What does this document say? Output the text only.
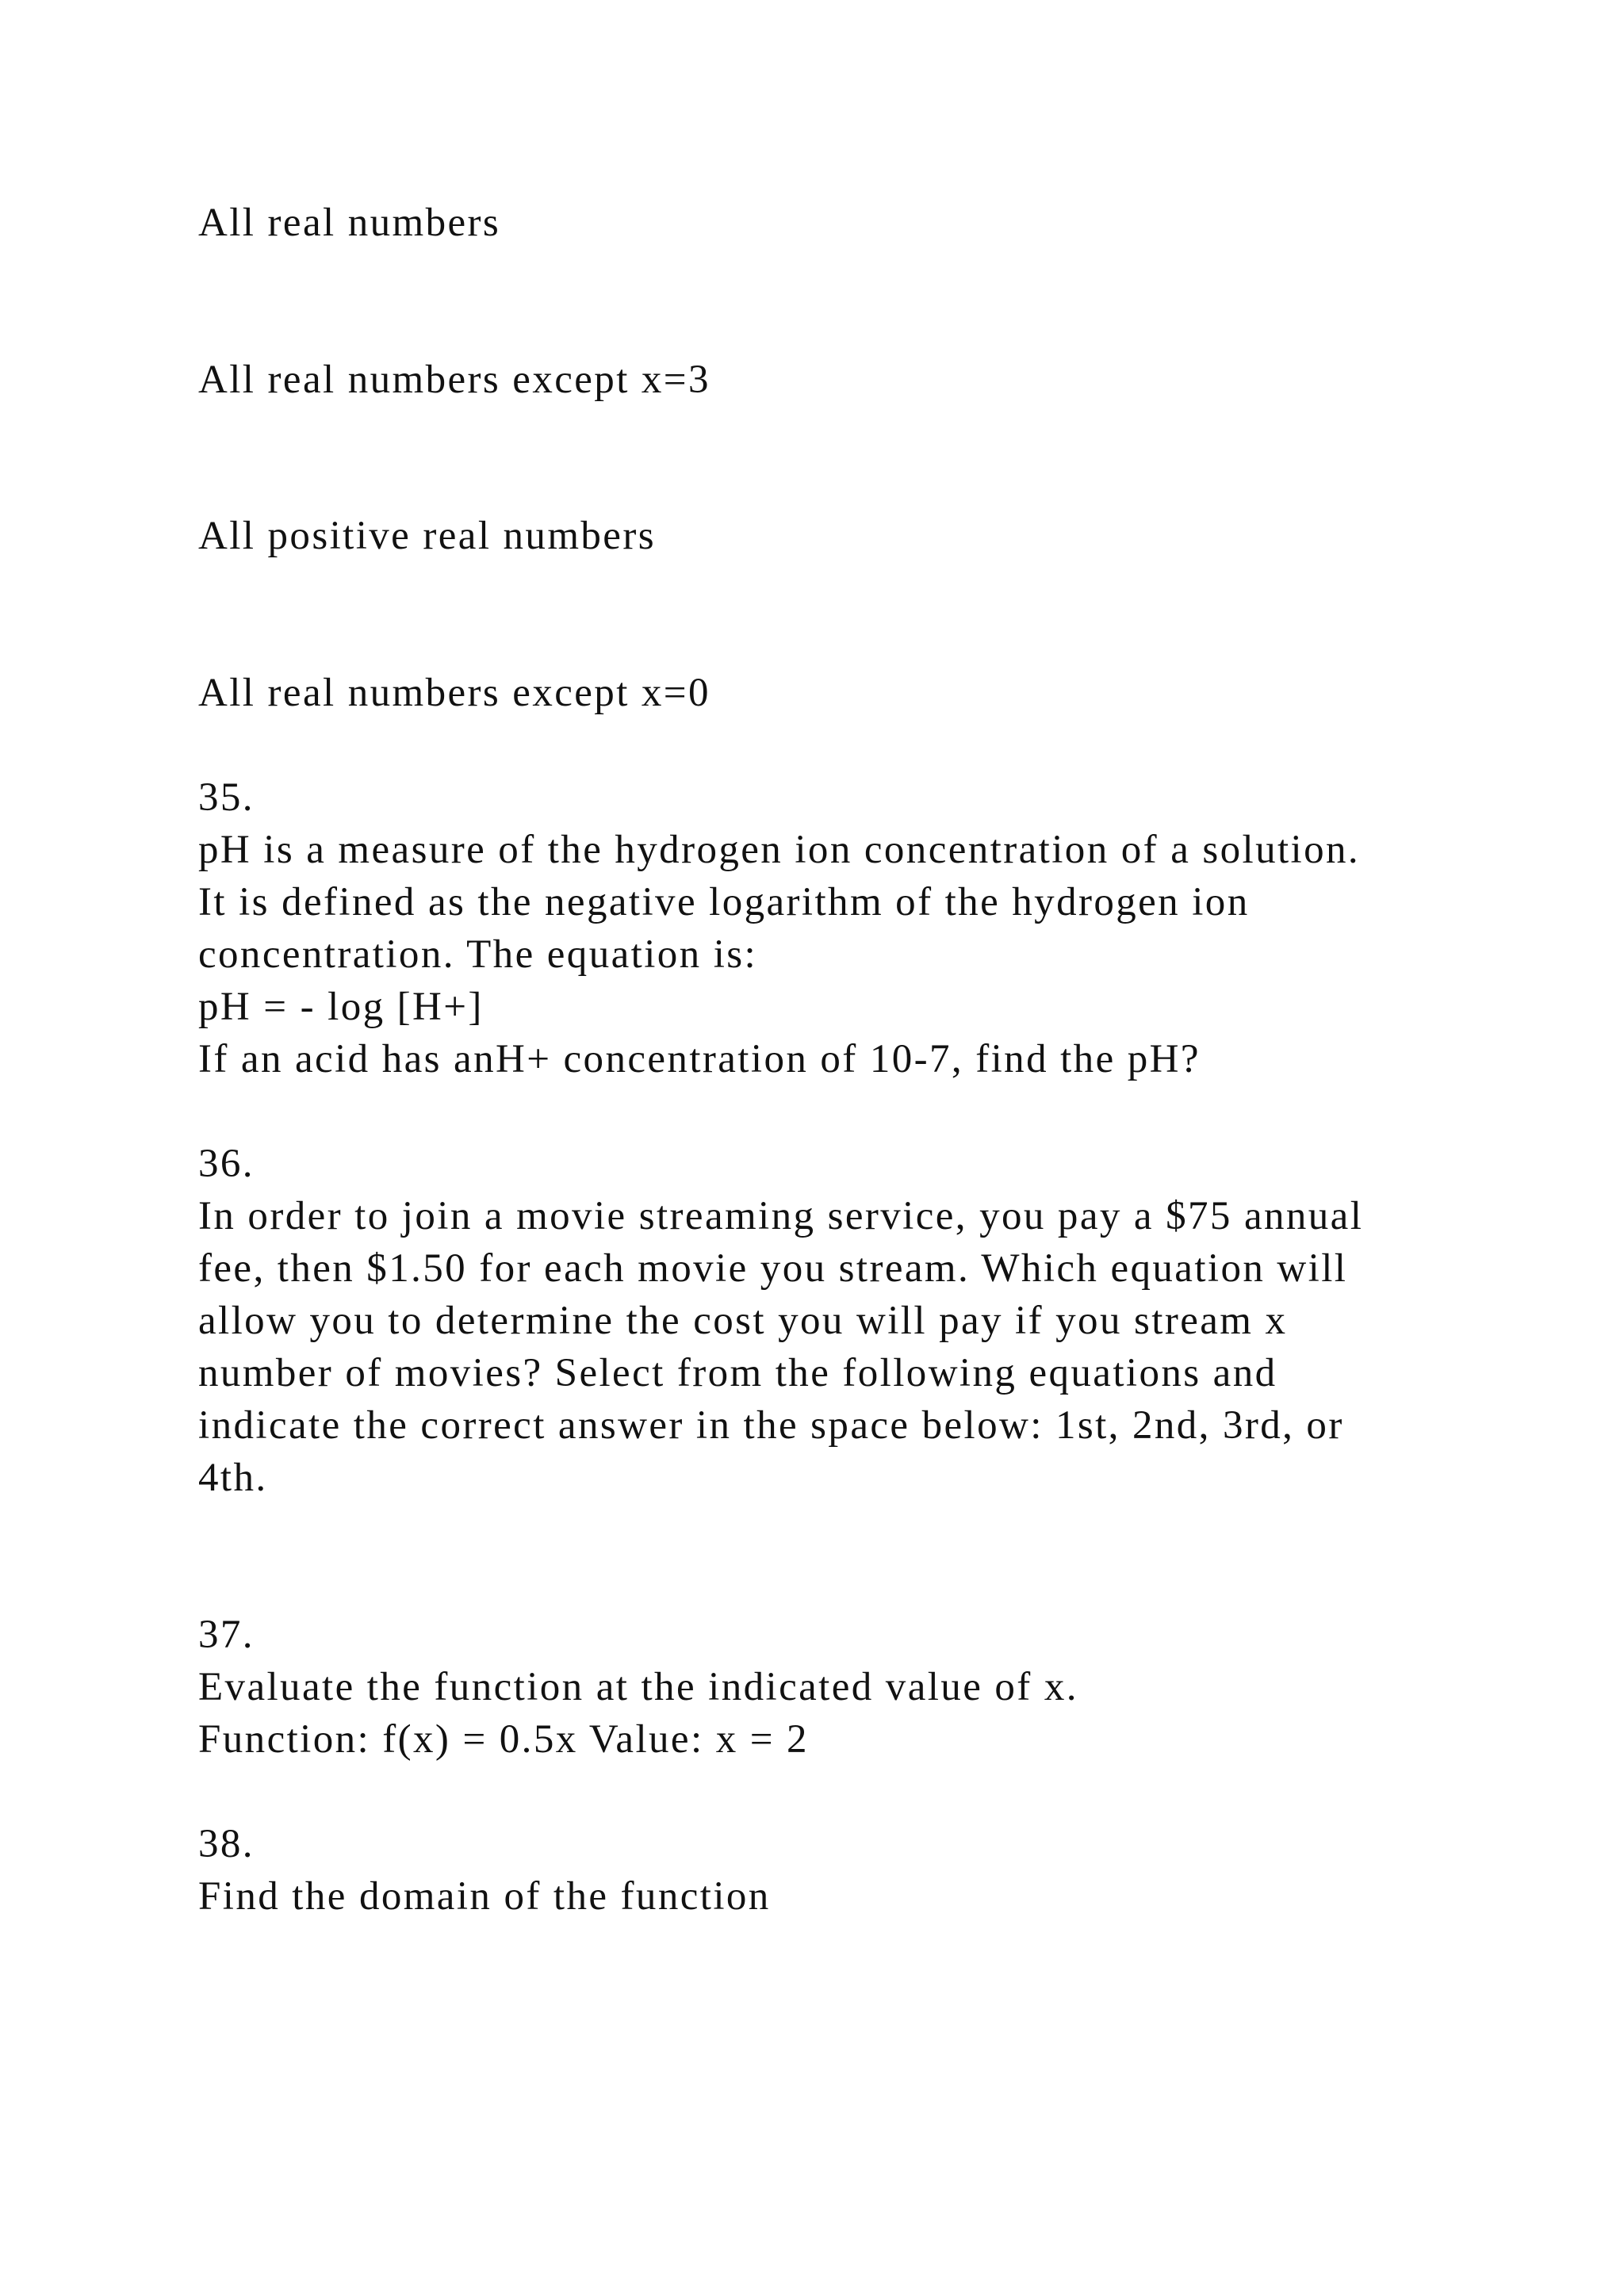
All real numbers
All real numbers except x=3
All positive real numbers
All real numbers except x=0
35.
pH is a measure of the hydrogen ion concentration of a solution.
It is defined as the negative logarithm of the hydrogen ion
concentration. The equation is:
pH = - log [H+]
If an acid has anH+ concentration of 10-7, find the pH?
36.
In order to join a movie streaming service, you pay a $75 annual
fee, then $1.50 for each movie you stream. Which equation will
allow you to determine the cost you will pay if you stream x
number of movies? Select from the following equations and
indicate the correct answer in the space below: 1st, 2nd, 3rd, or
4th.
37.
Evaluate the function at the indicated value of x.
Function: f(x) = 0.5x Value: x = 2
38.
Find the domain of the function
